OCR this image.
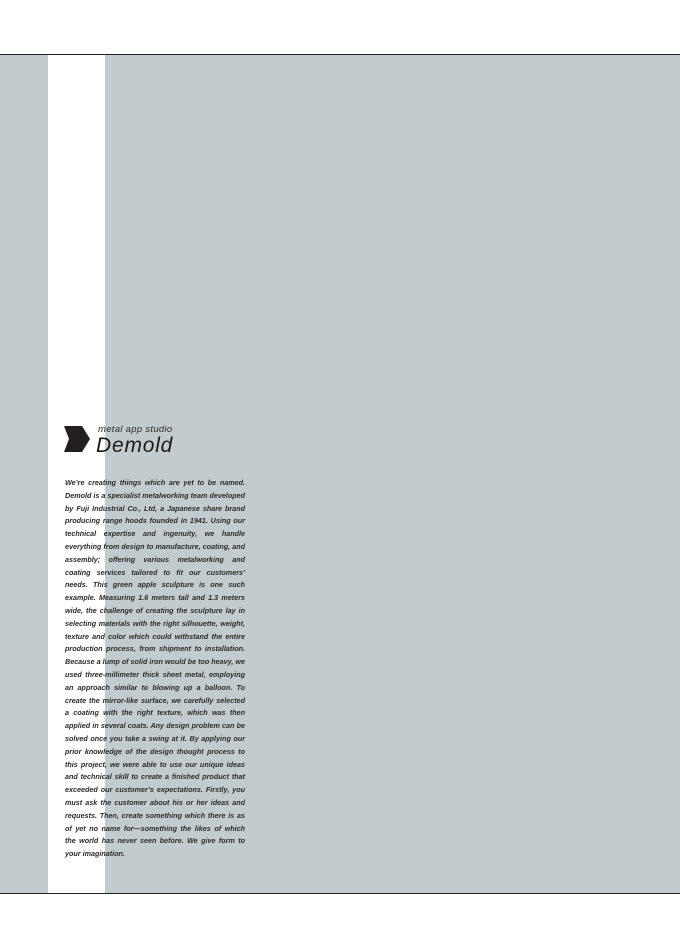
metal app studio
Demold

We’re creating things which are yet to be named. Demold is a specialist metalworking team developed by Fuji Industrial Co., Ltd, a Japanese share brand producing range hoods founded in 1941. Using our technical expertise and ingenuity, we handle everything from design to manufacture, coating, and assembly; offering various metalworking and coating services tailored to fit our customers’ needs. This green apple sculpture is one such example. Measuring 1.6 meters tall and 1.3 meters wide, the challenge of creating the sculpture lay in selecting materials with the right silhouette, weight, texture and color which could withstand the entire production process, from shipment to installation. Because a lump of solid iron would be too heavy, we used three-millimeter thick sheet metal, employing an approach similar to blowing up a balloon. To create the mirror-like surface, we carefully selected a coating with the right texture, which was then applied in several coats. Any design problem can be solved once you take a swing at it. By applying our prior knowledge of the design thought process to this project, we were able to use our unique ideas and technical skill to create a finished product that exceeded our customer’s expectations. Firstly, you must ask the customer about his or her ideas and requests. Then, create something which there is as of yet no name for—something the likes of which the world has never seen before. We give form to your imagination.
